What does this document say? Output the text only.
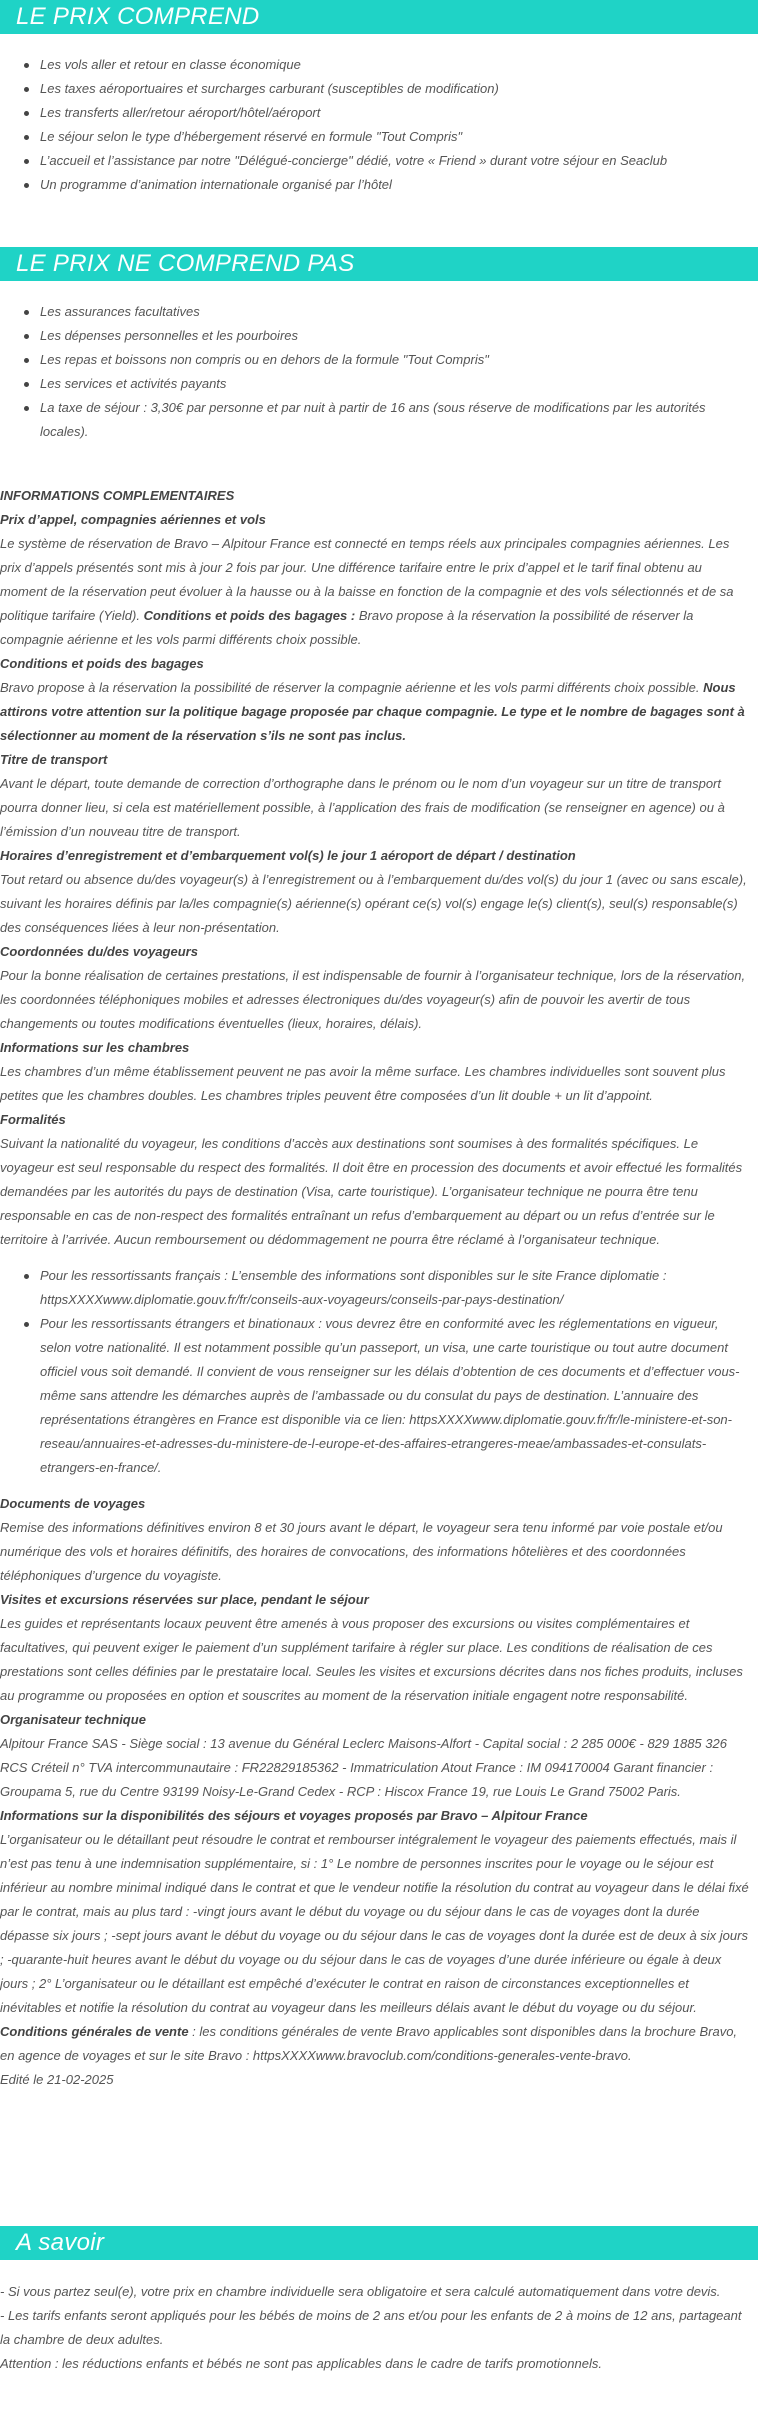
LE PRIX COMPREND
Les vols aller et retour en classe économique
Les taxes aéroportuaires et surcharges carburant (susceptibles de modification)
Les transferts aller/retour aéroport/hôtel/aéroport
Le séjour selon le type d’hébergement réservé en formule "Tout Compris"
L’accueil et l’assistance par notre "Délégué-concierge" dédié, votre « Friend » durant votre séjour en Seaclub
Un programme d’animation internationale organisé par l’hôtel
LE PRIX NE COMPREND PAS
Les assurances facultatives
Les dépenses personnelles et les pourboires
Les repas et boissons non compris ou en dehors de la formule "Tout Compris"
Les services et activités payants
La taxe de séjour : 3,30€ par personne et par nuit à partir de 16 ans (sous réserve de modifications par les autorités locales).

INFORMATIONS COMPLEMENTAIRES

Prix d’appel, compagnies aériennes et vols

Le système de réservation de Bravo – Alpitour France est connecté en temps réels aux principales compagnies aériennes. Les prix d’appels présentés sont mis à jour 2 fois par jour. Une différence tarifaire entre le prix d’appel et le tarif final obtenu au moment de la réservation peut évoluer à la hausse ou à la baisse en fonction de la compagnie et des vols sélectionnés et de sa politique tarifaire (Yield). Conditions et poids des bagages : Bravo propose à la réservation la possibilité de réserver la compagnie aérienne et les vols parmi différents choix possible.

Conditions et poids des bagages

Bravo propose à la réservation la possibilité de réserver la compagnie aérienne et les vols parmi différents choix possible. Nous attirons votre attention sur la politique bagage proposée par chaque compagnie. Le type et le nombre de bagages sont à sélectionner au moment de la réservation s’ils ne sont pas inclus.

Titre de transport

Avant le départ, toute demande de correction d’orthographe dans le prénom ou le nom d’un voyageur sur un titre de transport pourra donner lieu, si cela est matériellement possible, à l’application des frais de modification (se renseigner en agence) ou à l’émission d’un nouveau titre de transport.

Horaires d’enregistrement et d’embarquement vol(s) le jour 1 aéroport de départ / destination

Tout retard ou absence du/des voyageur(s) à l’enregistrement ou à l’embarquement du/des vol(s) du jour 1 (avec ou sans escale), suivant les horaires définis par la/les compagnie(s) aérienne(s) opérant ce(s) vol(s) engage le(s) client(s), seul(s) responsable(s) des conséquences liées à leur non-présentation.

Coordonnées du/des voyageurs

Pour la bonne réalisation de certaines prestations, il est indispensable de fournir à l’organisateur technique, lors de la réservation, les coordonnées téléphoniques mobiles et adresses électroniques du/des voyageur(s) afin de pouvoir les avertir de tous changements ou toutes modifications éventuelles (lieux, horaires, délais).

Informations sur les chambres

Les chambres d’un même établissement peuvent ne pas avoir la même surface. Les chambres individuelles sont souvent plus petites que les chambres doubles. Les chambres triples peuvent être composées d’un lit double + un lit d’appoint.

Formalités

Suivant la nationalité du voyageur, les conditions d’accès aux destinations sont soumises à des formalités spécifiques. Le voyageur est seul responsable du respect des formalités. Il doit être en procession des documents et avoir effectué les formalités demandées par les autorités du pays de destination (Visa, carte touristique). L’organisateur technique ne pourra être tenu responsable en cas de non-respect des formalités entraînant un refus d’embarquement au départ ou un refus d’entrée sur le territoire à l’arrivée. Aucun remboursement ou dédommagement ne pourra être réclamé à l’organisateur technique.

Pour les ressortissants français : L’ensemble des informations sont disponibles sur le site France diplomatie : httpsXXXXwww.diplomatie.gouv.fr/fr/conseils-aux-voyageurs/conseils-par-pays-destination/
Pour les ressortissants étrangers et binationaux : vous devrez être en conformité avec les réglementations en vigueur, selon votre nationalité. Il est notamment possible qu’un passeport, un visa, une carte touristique ou tout autre document officiel vous soit demandé. Il convient de vous renseigner sur les délais d’obtention de ces documents et d’effectuer vous-même sans attendre les démarches auprès de l’ambassade ou du consulat du pays de destination. L’annuaire des représentations étrangères en France est disponible via ce lien: httpsXXXXwww.diplomatie.gouv.fr/fr/le-ministere-et-son-reseau/annuaires-et-adresses-du-ministere-de-l-europe-et-des-affaires-etrangeres-meae/ambassades-et-consulats-etrangers-en-france/.

Documents de voyages

Remise des informations définitives environ 8 et 30 jours avant le départ, le voyageur sera tenu informé par voie postale et/ou numérique des vols et horaires définitifs, des horaires de convocations, des informations hôtelières et des coordonnées téléphoniques d’urgence du voyagiste.

Visites et excursions réservées sur place, pendant le séjour

Les guides et représentants locaux peuvent être amenés à vous proposer des excursions ou visites complémentaires et facultatives, qui peuvent exiger le paiement d’un supplément tarifaire à régler sur place. Les conditions de réalisation de ces prestations sont celles définies par le prestataire local. Seules les visites et excursions décrites dans nos fiches produits, incluses au programme ou proposées en option et souscrites au moment de la réservation initiale engagent notre responsabilité.

Organisateur technique

Alpitour France SAS - Siège social : 13 avenue du Général Leclerc Maisons-Alfort - Capital social : 2 285 000€ - 829 1885 326 RCS Créteil n° TVA intercommunautaire : FR22829185362 - Immatriculation Atout France : IM 094170004 Garant financier : Groupama 5, rue du Centre 93199 Noisy-Le-Grand Cedex - RCP : Hiscox France 19, rue Louis Le Grand 75002 Paris.

Informations sur la disponibilités des séjours et voyages proposés par Bravo – Alpitour France

L’organisateur ou le détaillant peut résoudre le contrat et rembourser intégralement le voyageur des paiements effectués, mais il n’est pas tenu à une indemnisation supplémentaire, si : 1° Le nombre de personnes inscrites pour le voyage ou le séjour est inférieur au nombre minimal indiqué dans le contrat et que le vendeur notifie la résolution du contrat au voyageur dans le délai fixé par le contrat, mais au plus tard : -vingt jours avant le début du voyage ou du séjour dans le cas de voyages dont la durée dépasse six jours ; -sept jours avant le début du voyage ou du séjour dans le cas de voyages dont la durée est de deux à six jours ; -quarante-huit heures avant le début du voyage ou du séjour dans le cas de voyages d’une durée inférieure ou égale à deux jours ; 2° L’organisateur ou le détaillant est empêché d’exécuter le contrat en raison de circonstances exceptionnelles et inévitables et notifie la résolution du contrat au voyageur dans les meilleurs délais avant le début du voyage ou du séjour.

Conditions générales de vente : les conditions générales de vente Bravo applicables sont disponibles dans la brochure Bravo, en agence de voyages et sur le site Bravo : httpsXXXXwww.bravoclub.com/conditions-generales-vente-bravo.

Edité le 21-02-2025

A savoir

- Si vous partez seul(e), votre prix en chambre individuelle sera obligatoire et sera calculé automatiquement dans votre devis.

- Les tarifs enfants seront appliqués pour les bébés de moins de 2 ans et/ou pour les enfants de 2 à moins de 12 ans, partageant la chambre de deux adultes.

Attention : les réductions enfants et bébés ne sont pas applicables dans le cadre de tarifs promotionnels.
